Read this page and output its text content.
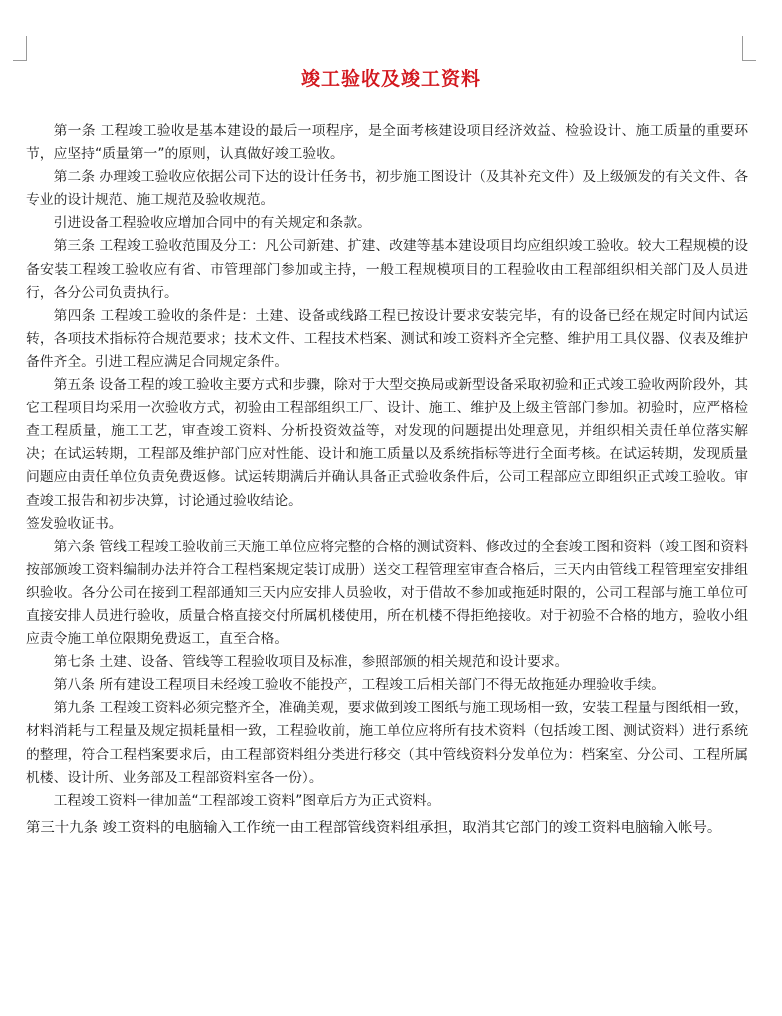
竣工验收及竣工资料

第一条 工程竣工验收是基本建设的最后一项程序，是全面考核建设项目经济效益、检验设计、施工质量的重要环节，应坚持“质量第一”的原则，认真做好竣工验收。

第二条 办理竣工验收应依据公司下达的设计任务书，初步施工图设计（及其补充文件）及上级颁发的有关文件、各专业的设计规范、施工规范及验收规范。

引进设备工程验收应增加合同中的有关规定和条款。

第三条 工程竣工验收范围及分工：凡公司新建、扩建、改建等基本建设项目均应组织竣工验收。较大工程规模的设备安装工程竣工验收应有省、市管理部门参加或主持，一般工程规模项目的工程验收由工程部组织相关部门及人员进行，各分公司负责执行。

第四条 工程竣工验收的条件是：土建、设备或线路工程已按设计要求安装完毕，有的设备已经在规定时间内试运转，各项技术指标符合规范要求；技术文件、工程技术档案、测试和竣工资料齐全完整、维护用工具仪器、仪表及维护备件齐全。引进工程应满足合同规定条件。

第五条 设备工程的竣工验收主要方式和步骤，除对于大型交换局或新型设备采取初验和正式竣工验收两阶段外，其它工程项目均采用一次验收方式，初验由工程部组织工厂、设计、施工、维护及上级主管部门参加。初验时，应严格检查工程质量，施工工艺，审查竣工资料、分析投资效益等，对发现的问题提出处理意见，并组织相关责任单位落实解决；在试运转期，工程部及维护部门应对性能、设计和施工质量以及系统指标等进行全面考核。在试运转期，发现质量问题应由责任单位负责免费返修。试运转期满后并确认具备正式验收条件后，公司工程部应立即组织正式竣工验收。审查竣工报告和初步决算，讨论通过验收结论。

签发验收证书。

第六条 管线工程竣工验收前三天施工单位应将完整的合格的测试资料、修改过的全套竣工图和资料（竣工图和资料按部颁竣工资料编制办法并符合工程档案规定装订成册）送交工程管理室审查合格后，三天内由管线工程管理室安排组织验收。各分公司在接到工程部通知三天内应安排人员验收，对于借故不参加或拖延时限的，公司工程部与施工单位可直接安排人员进行验收，质量合格直接交付所属机楼使用，所在机楼不得拒绝接收。对于初验不合格的地方，验收小组应责令施工单位限期免费返工，直至合格。

第七条 土建、设备、管线等工程验收项目及标准，参照部颁的相关规范和设计要求。

第八条 所有建设工程项目未经竣工验收不能投产，工程竣工后相关部门不得无故拖延办理验收手续。

第九条 工程竣工资料必须完整齐全，准确美观，要求做到竣工图纸与施工现场相一致，安装工程量与图纸相一致，材料消耗与工程量及规定损耗量相一致，工程验收前，施工单位应将所有技术资料（包括竣工图、测试资料）进行系统的整理，符合工程档案要求后，由工程部资料组分类进行移交（其中管线资料分发单位为：档案室、分公司、工程所属机楼、设计所、业务部及工程部资料室各一份）。

工程竣工资料一律加盖“工程部竣工资料”图章后方为正式资料。

第三十九条 竣工资料的电脑输入工作统一由工程部管线资料组承担，取消其它部门的竣工资料电脑输入帐号。
